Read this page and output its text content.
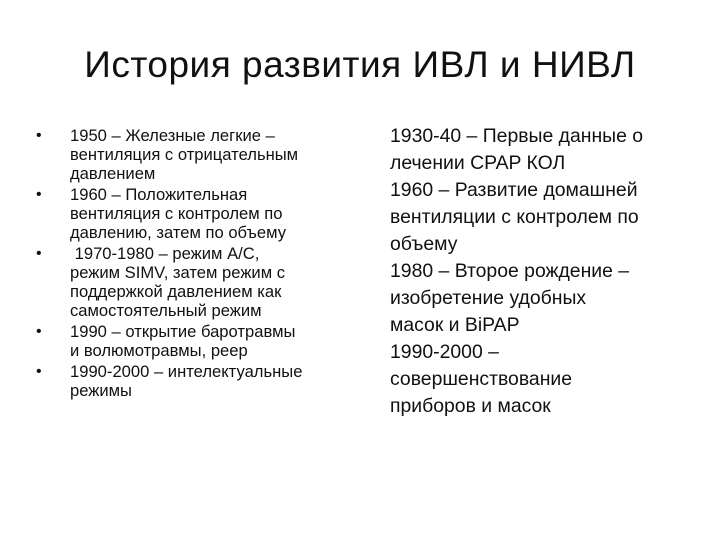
История развития ИВЛ и НИВЛ
•	1950 – Железные легкие –
вентиляция с отрицательным
давлением
•	1960 – Положительная
вентиляция с контролем по
давлению, затем по объему
•	1970-1980 – режим A/C,
режим SIMV, затем режим с
поддержкой давлением как
самостоятельный режим
•	1990 – открытие баротравмы
и волюмотравмы, peep
•	1990-2000 – интелектуальные
режимы
1930-40 – Первые данные о
лечении CPAP КОЛ
1960 – Развитие домашней
вентиляции с контролем по
объему
1980 – Второе рождение –
изобретение удобных
масок и BiPAP
1990-2000 –
совершенствование
приборов и масок
